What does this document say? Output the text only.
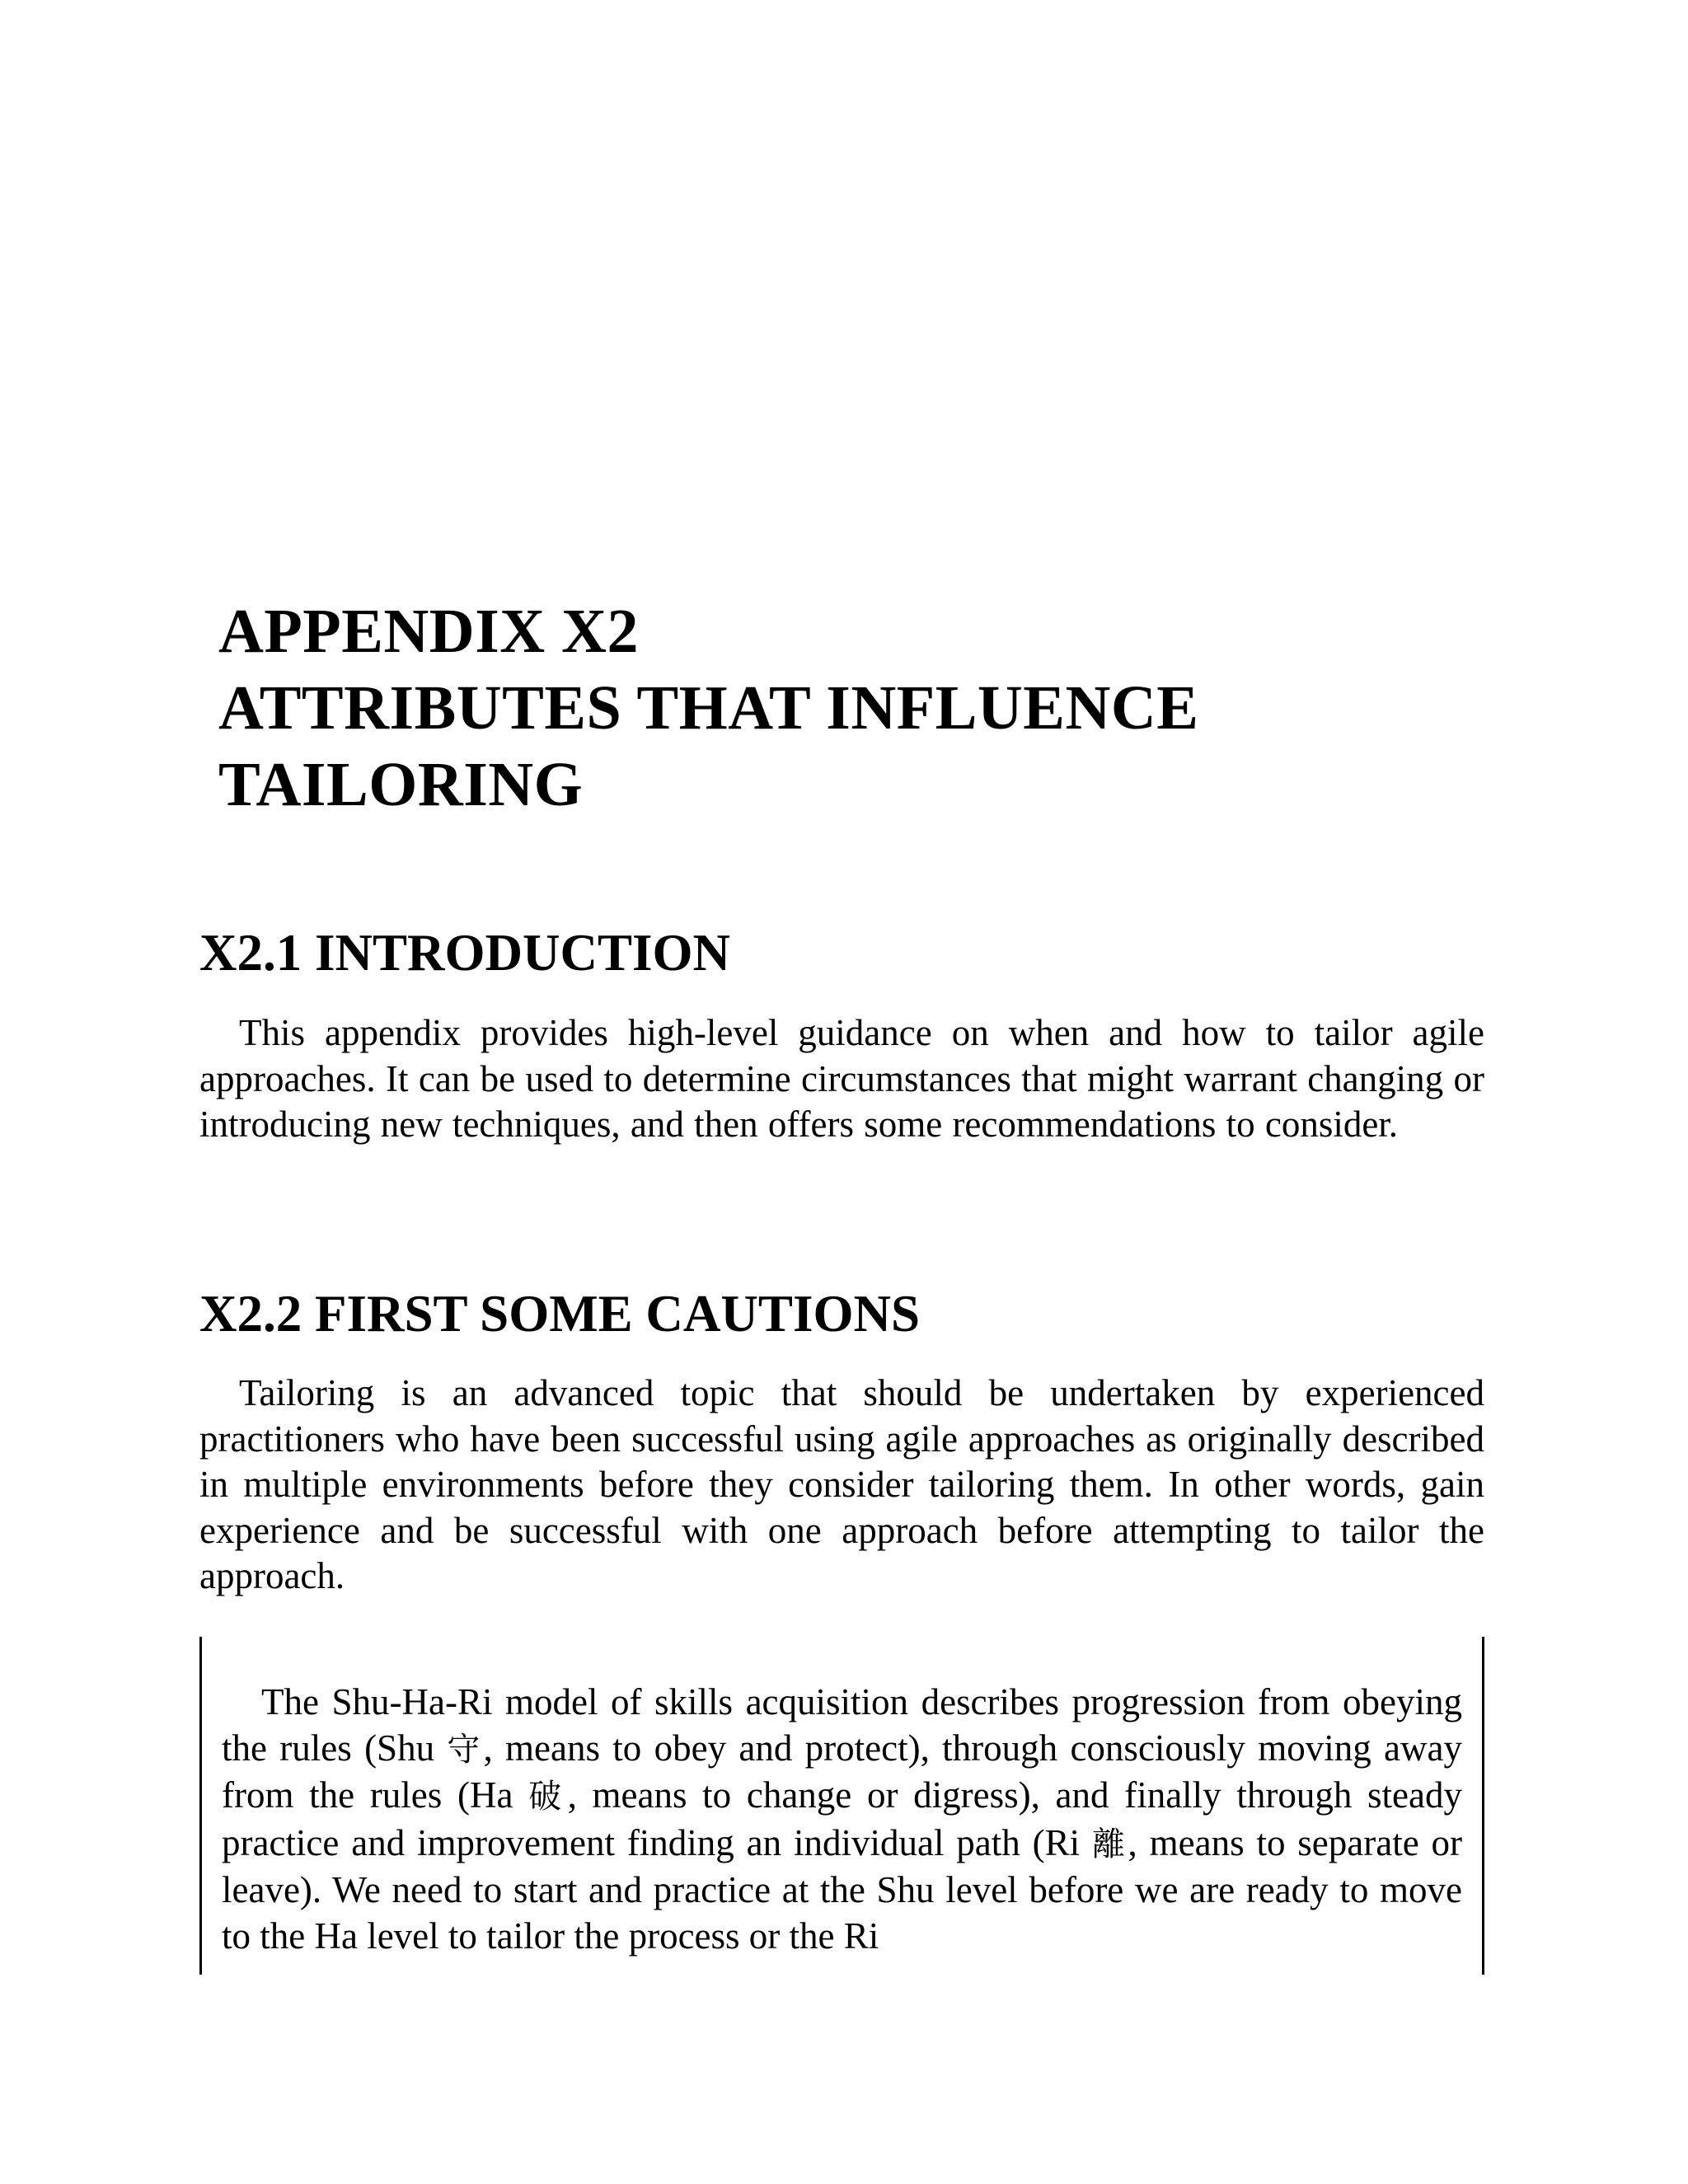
APPENDIX X2
ATTRIBUTES THAT INFLUENCE
TAILORING
X2.1 INTRODUCTION

This appendix provides high-level guidance on when and how to tailor agile approaches. It can be used to determine circumstances that might warrant changing or introducing new techniques, and then offers some recommendations to consider.

X2.2 FIRST SOME CAUTIONS

Tailoring is an advanced topic that should be undertaken by experienced practitioners who have been successful using agile approaches as originally described in multiple environments before they consider tailoring them. In other words, gain experience and be successful with one approach before attempting to tailor the approach.

The Shu-Ha-Ri model of skills acquisition describes progression from obeying the rules (Shu 守, means to obey and protect), through consciously moving away from the rules (Ha 破, means to change or digress), and finally through steady practice and improvement finding an individual path (Ri 離, means to separate or leave). We need to start and practice at the Shu level before we are ready to move to the Ha level to tailor the process or the Ri
